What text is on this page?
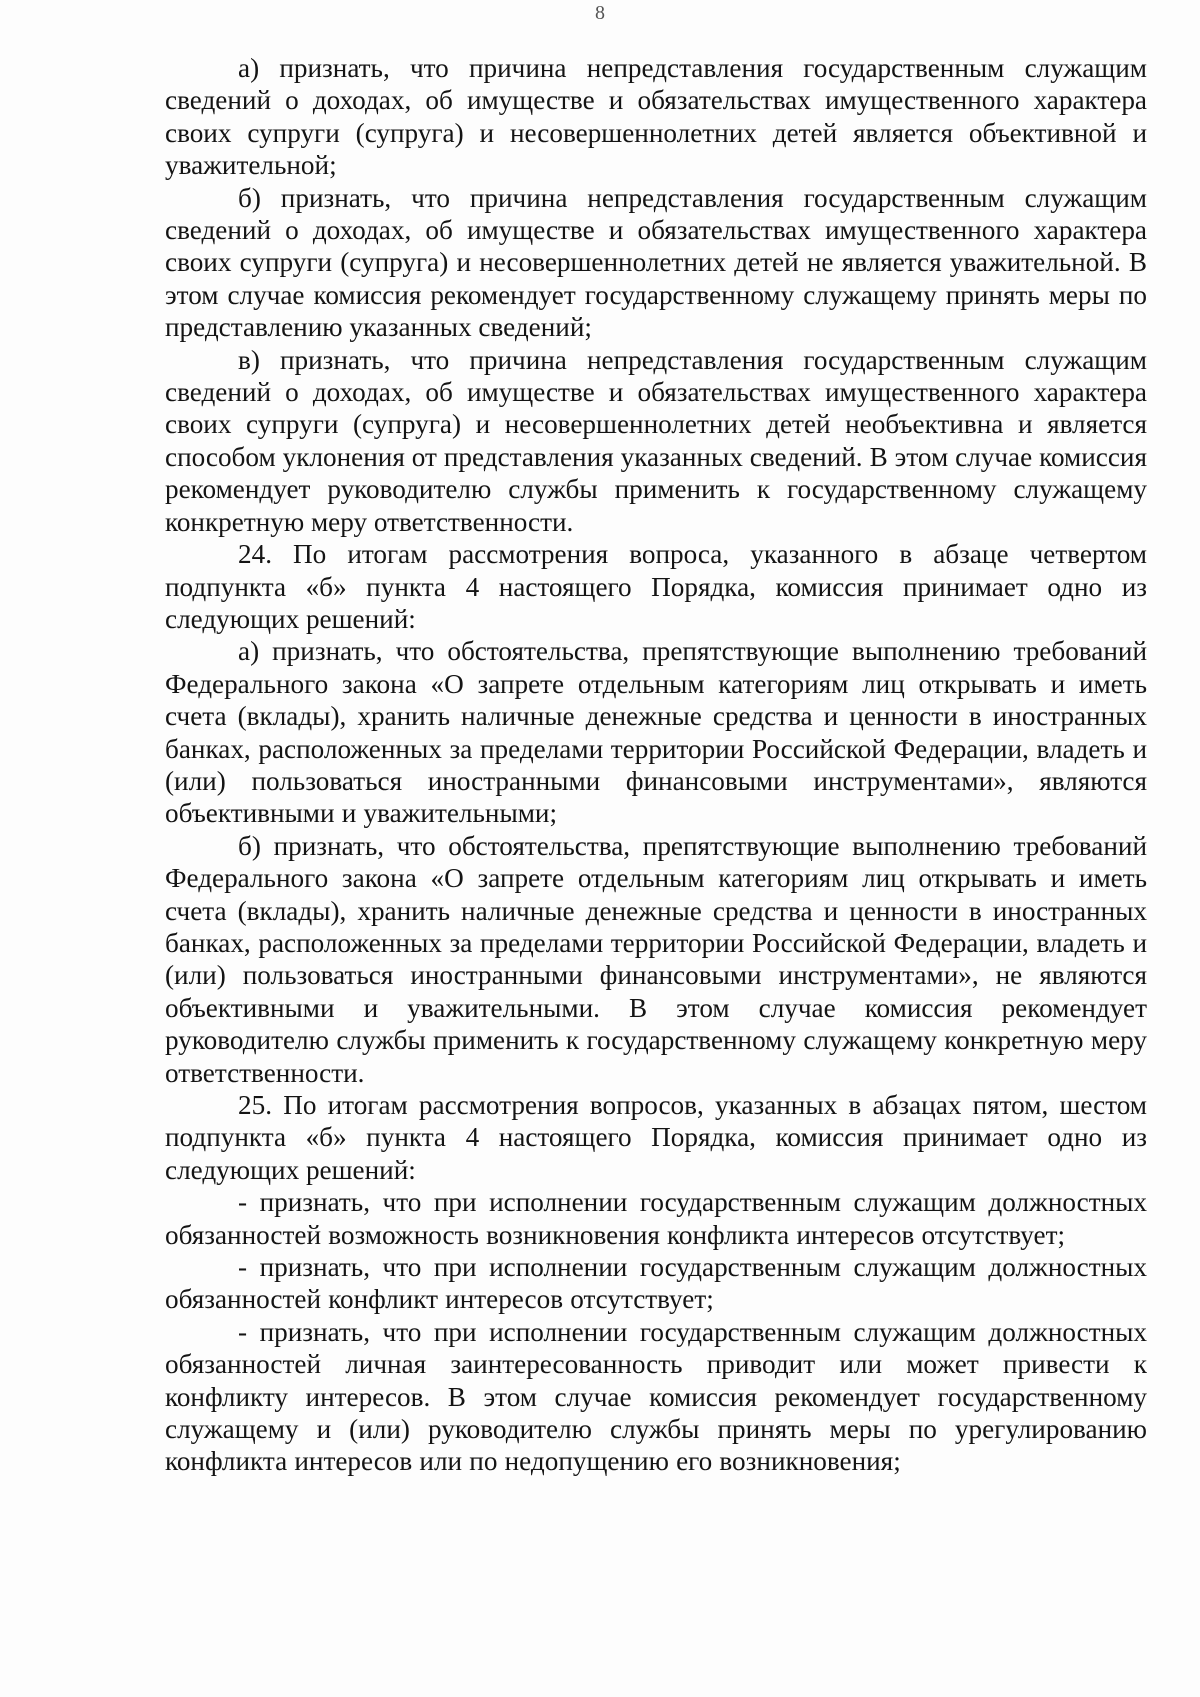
8

а) признать, что причина непредставления государственным служащим сведений о доходах, об имуществе и обязательствах имущественного характера своих супруги (супруга) и несовершеннолетних детей является объективной и уважительной;

б) признать, что причина непредставления государственным служащим сведений о доходах, об имуществе и обязательствах имущественного характера своих супруги (супруга) и несовершеннолетних детей не является уважительной. В этом случае комиссия рекомендует государственному служащему принять меры по представлению указанных сведений;

в) признать, что причина непредставления государственным служащим сведений о доходах, об имуществе и обязательствах имущественного характера своих супруги (супруга) и несовершеннолетних детей необъективна и является способом уклонения от представления указанных сведений. В этом случае комиссия рекомендует руководителю службы применить к государственному служащему конкретную меру ответственности.

24. По итогам рассмотрения вопроса, указанного в абзаце четвертом подпункта «б» пункта 4 настоящего Порядка, комиссия принимает одно из следующих решений:

а) признать, что обстоятельства, препятствующие выполнению требований Федерального закона «О запрете отдельным категориям лиц открывать и иметь счета (вклады), хранить наличные денежные средства и ценности в иностранных банках, расположенных за пределами территории Российской Федерации, владеть и (или) пользоваться иностранными финансовыми инструментами», являются объективными и уважительными;

б) признать, что обстоятельства, препятствующие выполнению требований Федерального закона «О запрете отдельным категориям лиц открывать и иметь счета (вклады), хранить наличные денежные средства и ценности в иностранных банках, расположенных за пределами территории Российской Федерации, владеть и (или) пользоваться иностранными финансовыми инструментами», не являются объективными и уважительными. В этом случае комиссия рекомендует руководителю службы применить к государственному служащему конкретную меру ответственности.

25. По итогам рассмотрения вопросов, указанных в абзацах пятом, шестом подпункта «б» пункта 4 настоящего Порядка, комиссия принимает одно из следующих решений:

- признать, что при исполнении государственным служащим должностных обязанностей возможность возникновения конфликта интересов отсутствует;

- признать, что при исполнении государственным служащим должностных обязанностей конфликт интересов отсутствует;

- признать, что при исполнении государственным служащим должностных обязанностей личная заинтересованность приводит или может привести к конфликту интересов. В этом случае комиссия рекомендует государственному служащему и (или) руководителю службы принять меры по урегулированию конфликта интересов или по недопущению его возникновения;
